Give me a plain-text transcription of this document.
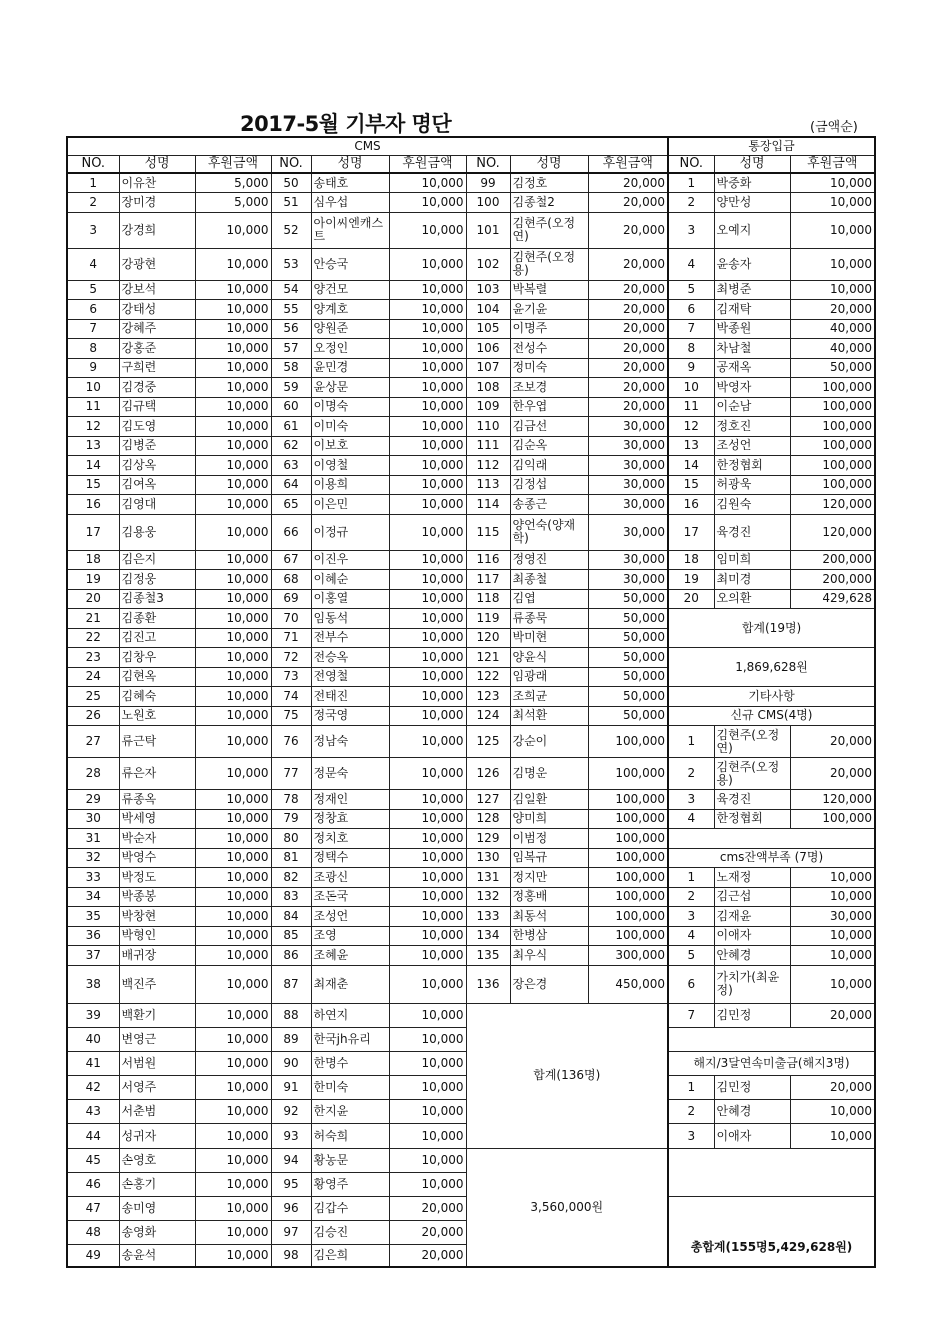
2017-5월 기부자 명단	(금액순)
CMS									통장입금		
NO.	성명	후원금액	NO.	성명	후원금액	NO.	성명	후원금액	NO.	성명	후원금액
1	이유찬	5,000	50	송태호	10,000	99	김정호	20,000	1	박중화	10,000
2	장미경	5,000	51	심우섭	10,000	100	김종철2	20,000	2	양만성	10,000
3	강경희	10,000	52	아이씨엔캐스트	10,000	101	김현주(오정연)	20,000	3	오예지	10,000
4	강광현	10,000	53	안승국	10,000	102	김현주(오정용)	20,000	4	윤송자	10,000
5	강보석	10,000	54	양건모	10,000	103	박복렬	20,000	5	최병준	10,000
6	강태성	10,000	55	양계호	10,000	104	윤기윤	20,000	6	김재탁	20,000
7	강혜주	10,000	56	양원준	10,000	105	이명주	20,000	7	박종원	40,000
8	강홍준	10,000	57	오정인	10,000	106	전성수	20,000	8	차남철	40,000
9	구희련	10,000	58	윤민경	10,000	107	정미숙	20,000	9	공재옥	50,000
10	김경중	10,000	59	윤상문	10,000	108	조보경	20,000	10	박영자	100,000
11	김규택	10,000	60	이명숙	10,000	109	한우엽	20,000	11	이순남	100,000
12	김도영	10,000	61	이미숙	10,000	110	김금선	30,000	12	정호진	100,000
13	김병준	10,000	62	이보호	10,000	111	김순옥	30,000	13	조성언	100,000
14	김상옥	10,000	63	이영철	10,000	112	김익래	30,000	14	한정협회	100,000
15	김여옥	10,000	64	이용희	10,000	113	김정섭	30,000	15	허광욱	100,000
16	김영대	10,000	65	이은민	10,000	114	송종근	30,000	16	김원숙	120,000
17	김용웅	10,000	66	이정규	10,000	115	양언숙(양재학)	30,000	17	육경진	120,000
18	김은지	10,000	67	이진우	10,000	116	정영진	30,000	18	임미희	200,000
19	김정웅	10,000	68	이혜순	10,000	117	최종철	30,000	19	최미경	200,000
20	김종철3	10,000	69	이홍열	10,000	118	김엽	50,000	20	오의환	429,628
21	김종환	10,000	70	임동석	10,000	119	류종묵	50,000	합계(19명)		
22	김진고	10,000	71	전부수	10,000	120	박미현	50,000			
23	김창우	10,000	72	전승옥	10,000	121	양윤식	50,000	1,869,628원		
24	김현옥	10,000	73	전영철	10,000	122	임광래	50,000			
25	김혜숙	10,000	74	전태진	10,000	123	조희균	50,000	기타사항		
26	노원호	10,000	75	정국영	10,000	124	최석환	50,000	신규 CMS(4명)		
27	류근탁	10,000	76	정남숙	10,000	125	강순이	100,000	1	김현주(오정연)	20,000
28	류은자	10,000	77	정문숙	10,000	126	김명운	100,000	2	김현주(오정용)	20,000
29	류종옥	10,000	78	정재인	10,000	127	김일환	100,000	3	육경진	120,000
30	박세영	10,000	79	정창효	10,000	128	양미희	100,000	4	한정협회	100,000
31	박순자	10,000	80	정치호	10,000	129	이범정	100,000			
32	박영수	10,000	81	정택수	10,000	130	임복규	100,000	cms잔액부족 (7명)		
33	박정도	10,000	82	조광신	10,000	131	정지만	100,000	1	노재정	10,000
34	박종봉	10,000	83	조돈국	10,000	132	정홍배	100,000	2	김근섭	10,000
35	박창현	10,000	84	조성언	10,000	133	최동석	100,000	3	김재윤	30,000
36	박형인	10,000	85	조영	10,000	134	한병삼	100,000	4	이애자	10,000
37	배귀장	10,000	86	조혜윤	10,000	135	최우식	300,000	5	안혜경	10,000
38	백진주	10,000	87	최재춘	10,000	136	장은경	450,000	6	가치가(최윤정)	10,000
39	백환기	10,000	88	하연지	10,000	합계(136명)			7	김민정	20,000
40	변영근	10,000	89	한국jh유리	10,000						
41	서범원	10,000	90	한명수	10,000				해지/3달연속미출금(해지3명)		
42	서영주	10,000	91	한미숙	10,000				1	김민정	20,000
43	서춘범	10,000	92	한지윤	10,000				2	안혜경	10,000
44	성귀자	10,000	93	허숙희	10,000				3	이애자	10,000
45	손영호	10,000	94	황농문	10,000	3,560,000원					
46	손홍기	10,000	95	황영주	10,000						
47	송미영	10,000	96	김갑수	20,000				총합계(155명5,429,628원)		
48	송영화	10,000	97	김승진	20,000						
49	송윤석	10,000	98	김은희	20,000						
